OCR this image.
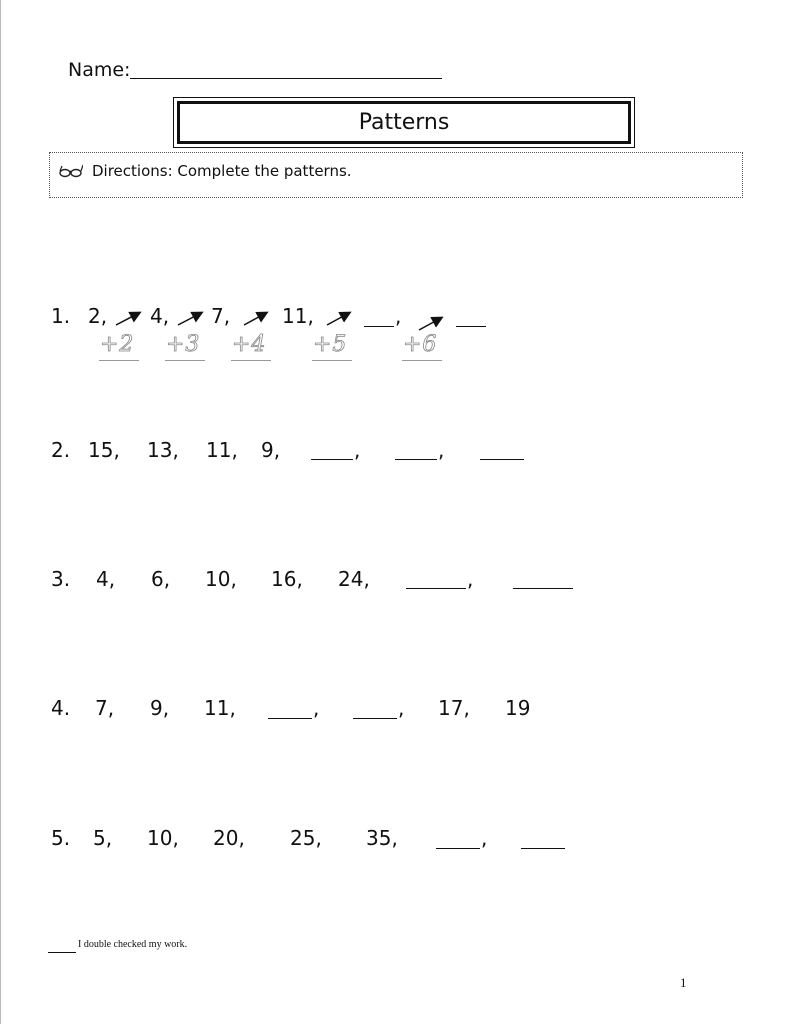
Name:
Patterns
Directions: Complete the patterns.
1. 2, 4, 7,	11,	,
+2 +3 +4 +5	+6
2. 15, 13, 11, 9,	,	,
3. 4, 6, 10, 16, 24,	,
4. 7, 9, 11,	,	, 17, 19
5. 5, 10, 20, 25, 35,	,
I double checked my work.
1
